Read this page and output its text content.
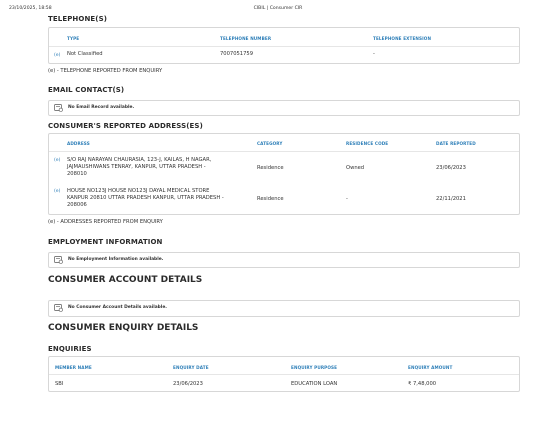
23/10/2025, 18:58	CIBIL | Consumer CIR
TELEPHONE(S)
TYPE	TELEPHONE NUMBER	TELEPHONE EXTENSION
(e) Not Classified	7007051759	-
(e) - TELEPHONE REPORTED FROM ENQUIRY
EMAIL CONTACT(S)
No Email Record available.
CONSUMER'S REPORTED ADDRESS(ES)
ADDRESS	CATEGORY	RESIDENCE CODE	DATE REPORTED
(e) S/O RAJ NARAYAN CHAURASIA, 123-J, KAILAS, H NAGAR,
JAJMAUSHIWANS TENRAY, KANPUR, UTTAR PRADESH -
208010
Residence	Owned	23/06/2023
(e) HOUSE NO123J HOUSE NO123J DAYAL MEDICAL STORE
KANPUR 20810 UTTAR PRADESH KANPUR, UTTAR PRADESH -
208006
Residence	-	22/11/2021
(e) - ADDRESSES REPORTED FROM ENQUIRY
EMPLOYMENT INFORMATION
No Employment Information available.
CONSUMER ACCOUNT DETAILS
No Consumer Account Details available.
CONSUMER ENQUIRY DETAILS
ENQUIRIES
MEMBER NAME	ENQUIRY DATE	ENQUIRY PURPOSE	ENQUIRY AMOUNT
SBI	23/06/2023	EDUCATION LOAN	₹ 7,48,000
